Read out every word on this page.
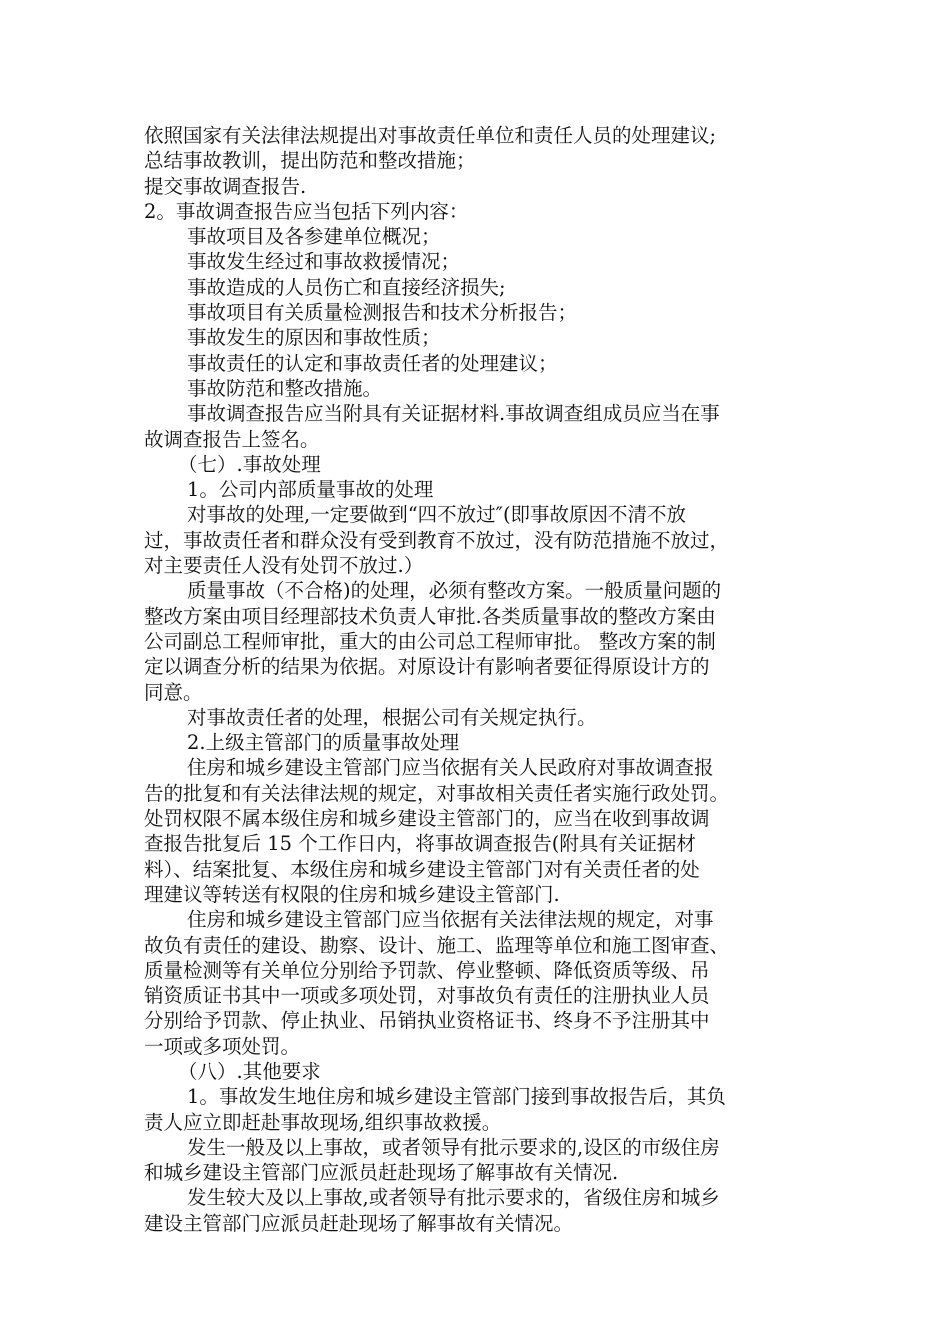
依照国家有关法律法规提出对事故责任单位和责任人员的处理建议;
总结事故教训，提出防范和整改措施；
提交事故调查报告.
2。事故调查报告应当包括下列内容：
事故项目及各参建单位概况；
事故发生经过和事故救援情况；
事故造成的人员伤亡和直接经济损失;
事故项目有关质量检测报告和技术分析报告；
事故发生的原因和事故性质；
事故责任的认定和事故责任者的处理建议；
事故防范和整改措施。
事故调查报告应当附具有关证据材料.事故调查组成员应当在事
故调查报告上签名。
（七）.事故处理
1。公司内部质量事故的处理
对事故的处理,一定要做到“四不放过″(即事故原因不清不放
过，事故责任者和群众没有受到教育不放过，没有防范措施不放过，
对主要责任人没有处罚不放过.）
质量事故（不合格)的处理，必须有整改方案。一般质量问题的
整改方案由项目经理部技术负责人审批.各类质量事故的整改方案由
公司副总工程师审批，重大的由公司总工程师审批。 整改方案的制
定以调查分析的结果为依据。对原设计有影响者要征得原设计方的
同意。
对事故责任者的处理，根据公司有关规定执行。
2.上级主管部门的质量事故处理
住房和城乡建设主管部门应当依据有关人民政府对事故调查报
告的批复和有关法律法规的规定，对事故相关责任者实施行政处罚。
处罚权限不属本级住房和城乡建设主管部门的，应当在收到事故调
查报告批复后 15 个工作日内，将事故调查报告(附具有关证据材
料）、结案批复、本级住房和城乡建设主管部门对有关责任者的处
理建议等转送有权限的住房和城乡建设主管部门.
住房和城乡建设主管部门应当依据有关法律法规的规定，对事
故负有责任的建设、勘察、设计、施工、监理等单位和施工图审查、
质量检测等有关单位分别给予罚款、停业整顿、降低资质等级、吊
销资质证书其中一项或多项处罚，对事故负有责任的注册执业人员
分别给予罚款、停止执业、吊销执业资格证书、终身不予注册其中
一项或多项处罚。
（八）.其他要求
1。事故发生地住房和城乡建设主管部门接到事故报告后，其负
责人应立即赶赴事故现场,组织事故救援。
发生一般及以上事故，或者领导有批示要求的,设区的市级住房
和城乡建设主管部门应派员赶赴现场了解事故有关情况.
发生较大及以上事故,或者领导有批示要求的，省级住房和城乡
建设主管部门应派员赶赴现场了解事故有关情况。
